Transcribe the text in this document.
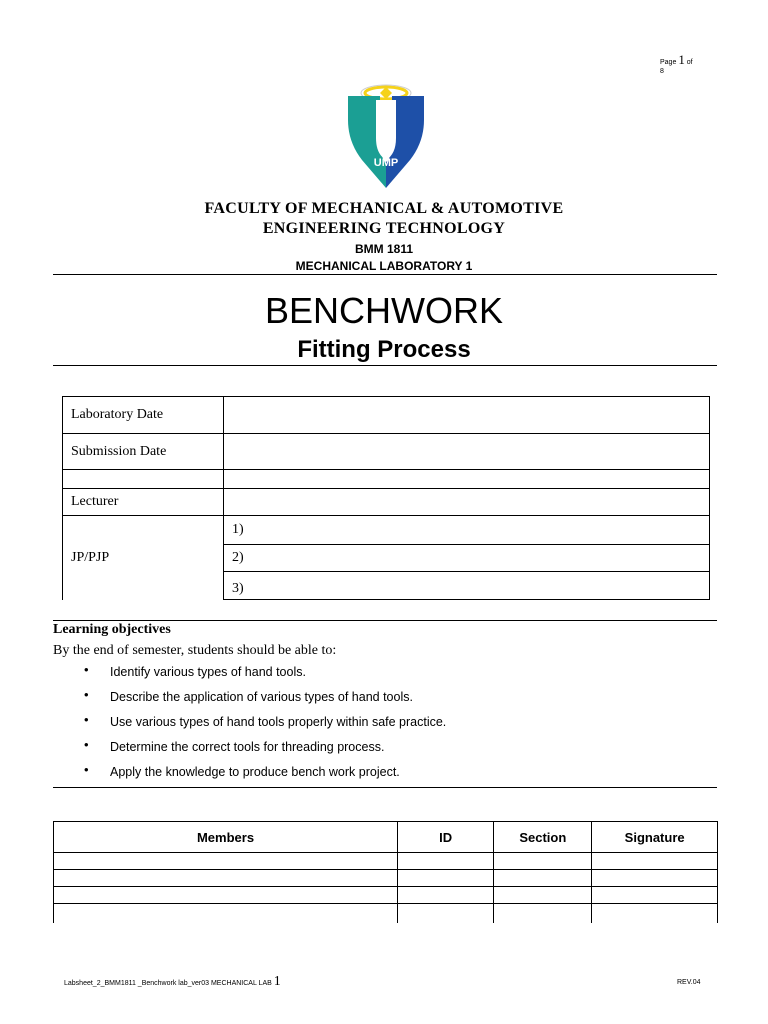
Page 1 of
8
UMP
FACULTY OF MECHANICAL & AUTOMOTIVE
ENGINEERING TECHNOLOGY
BMM 1811
MECHANICAL LABORATORY 1
BENCHWORK
Fitting Process
Laboratory Date	
Submission Date	

Lecturer	
JP/PJP	1)
	2)
	3)
Learning objectives
By the end of semester, students should be able to:
• Identify various types of hand tools.
• Describe the application of various types of hand tools.
• Use various types of hand tools properly within safe practice.
• Determine the correct tools for threading process.
• Apply the knowledge to produce bench work project.
Members	ID	Section	Signature

Labsheet_2_BMM1811 _Benchwork lab_ver03 MECHANICAL LAB 1	REV.04
